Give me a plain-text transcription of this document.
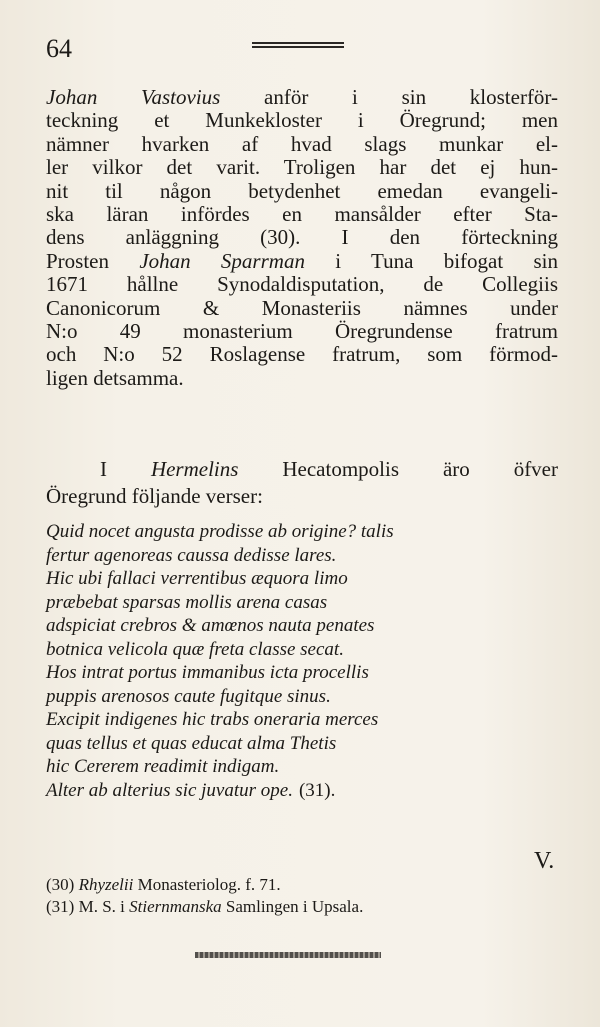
64
Johan Vastovius anför i sin klosterför-
teckning et Munkekloster i Öregrund; men
nämner hvarken af hvad slags munkar el-
ler vilkor det varit. Troligen har det ej hun-
nit til någon betydenhet emedan evangeli-
ska läran infördes en mansålder efter Sta-
dens anläggning (30). I den förteckning
Prosten Johan Sparrman i Tuna bifogat sin
1671 hållne Synodaldisputation, de Collegiis
Canonicorum & Monasteriis nämnes under
N:o 49 monasterium Öregrundense fratrum
och N:o 52 Roslagense fratrum, som förmod-
ligen detsamma.
I Hermelins Hecatompolis äro öfver
Öregrund följande verser:
Quid nocet angusta prodisse ab origine? talis
fertur agenoreas caussa dedisse lares.
Hic ubi fallaci verrentibus æquora limo
præbebat sparsas mollis arena casas
adspiciat crebros & amœnos nauta penates
botnica velicola quæ freta classe secat.
Hos intrat portus immanibus icta procellis
puppis arenosos caute fugitque sinus.
Excipit indigenes hic trabs oneraria merces
quas tellus et quas educat alma Thetis
hic Cererem readimit indigam.
Alter ab alterius sic juvatur ope. (31).
V.
(30) Rhyzelii Monasteriolog. f. 71.
(31) M. S. i Stiernmanska Samlingen i Upsala.
